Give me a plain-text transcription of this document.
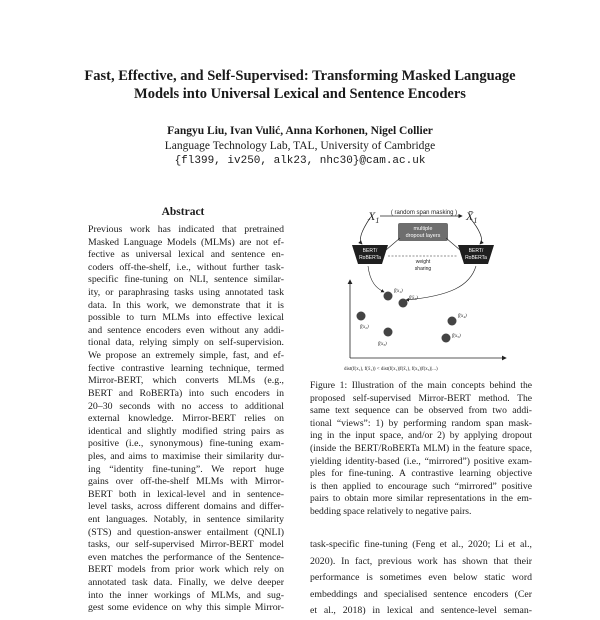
Fast, Effective, and Self-Supervised: Transforming Masked Language
Models into Universal Lexical and Sentence Encoders
Fangyu Liu, Ivan Vulić, Anna Korhonen, Nigel Collier
Language Technology Lab, TAL, University of Cambridge
{fl399, iv250, alk23, nhc30}@cam.ac.uk
Abstract
Previous work has indicated that pretrained
Masked Language Models (MLMs) are not ef-
fective as universal lexical and sentence en-
coders off-the-shelf, i.e., without further task-
specific fine-tuning on NLI, sentence similar-
ity, or paraphrasing tasks using annotated task
data. In this work, we demonstrate that it is
possible to turn MLMs into effective lexical
and sentence encoders even without any addi-
tional data, relying simply on self-supervision.
We propose an extremely simple, fast, and ef-
fective contrastive learning technique, termed
Mirror-BERT, which converts MLMs (e.g.,
BERT and RoBERTa) into such encoders in
20–30 seconds with no access to additional
external knowledge. Mirror-BERT relies on
identical and slightly modified string pairs as
positive (i.e., synonymous) fine-tuning exam-
ples, and aims to maximise their similarity dur-
ing “identity fine-tuning”. We report huge
gains over off-the-shelf MLMs with Mirror-
BERT both in lexical-level and in sentence-
level tasks, across different domains and differ-
ent languages. Notably, in sentence similarity
(STS) and question-answer entailment (QNLI)
tasks, our self-supervised Mirror-BERT model
even matches the performance of the Sentence-
BERT models from prior work which rely on
annotated task data. Finally, we delve deeper
into the inner workings of MLMs, and sug-
gest some evidence on why this simple Mirror-
$X_1$	$X̄_1$
( random span masking )
multiple
dropout layers
BERT/
RoBERTa
BERT/
RoBERTa
weight
sharing
$f(x_1)$
$f(x̄_1)$
$f(x_2)$
$f(x_3)$
$f(x_4)$
$f(x_5)$
dist(f(x₁), f(x̄₁)) < dist(f(x₁)|f(x̄₁), f(x₂)|f(x₃)|...)
Figure 1: Illustration of the main concepts behind the
proposed self-supervised Mirror-BERT method. The
same text sequence can be observed from two addi-
tional “views”: 1) by performing random span mask-
ing in the input space, and/or 2) by applying dropout
(inside the BERT/RoBERTa MLM) in the feature space,
yielding identity-based (i.e., “mirrored”) positive exam-
ples for fine-tuning. A contrastive learning objective
is then applied to encourage such “mirrored” positive
pairs to obtain more similar representations in the em-
bedding space relatively to negative pairs.
task-specific fine-tuning (Feng et al., 2020; Li et al.,
2020). In fact, previous work has shown that their
performance is sometimes even below static word
embeddings and specialised sentence encoders (Cer
et al., 2018) in lexical and sentence-level seman-
